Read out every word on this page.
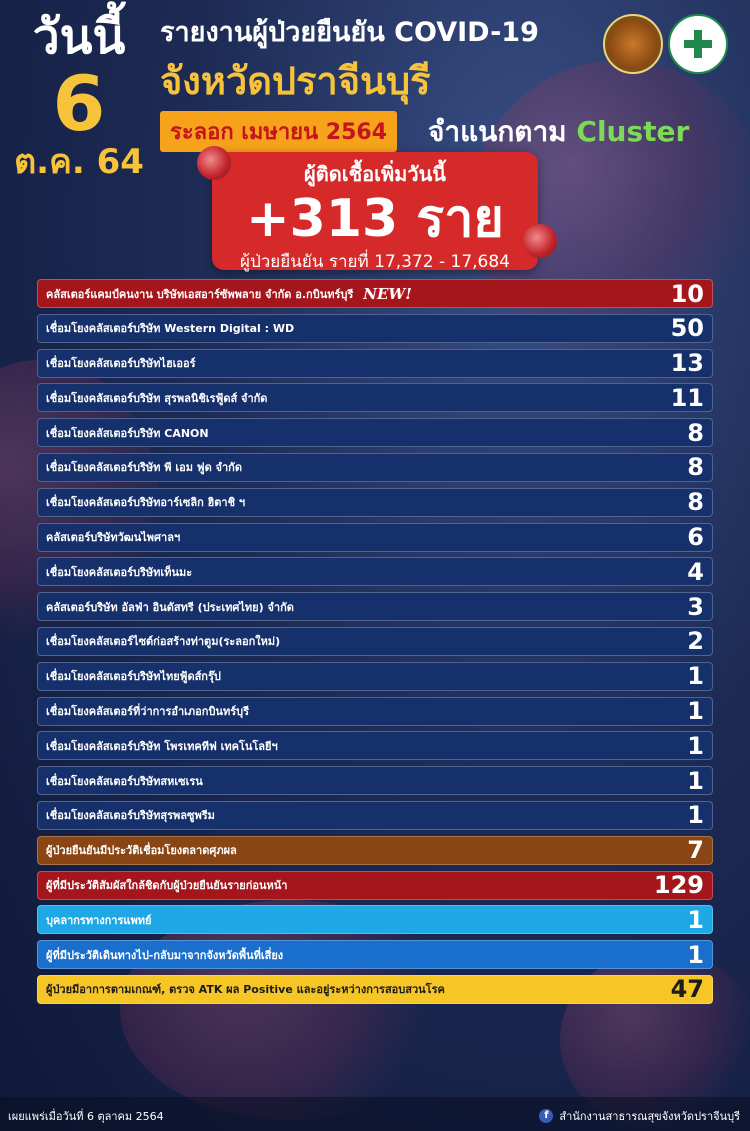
วันนี้
6
ต.ค. 64
รายงานผู้ป่วยยืนยัน COVID-19
จังหวัดปราจีนบุรี
ระลอก เมษายน 2564	จำแนกตาม Cluster
ผู้ติดเชื้อเพิ่มวันนี้
+313 ราย
ผู้ป่วยยืนยัน รายที่ 17,372 - 17,684
คลัสเตอร์แคมป์คนงาน บริษัทเอสอาร์ซัพพลาย จำกัด อ.กบินทร์บุรี NEW!	10
เชื่อมโยงคลัสเตอร์บริษัท Western Digital : WD	50
เชื่อมโยงคลัสเตอร์บริษัทไฮเออร์	13
เชื่อมโยงคลัสเตอร์บริษัท สุรพลนิชิเรฟู้ดส์ จำกัด	11
เชื่อมโยงคลัสเตอร์บริษัท CANON	8
เชื่อมโยงคลัสเตอร์บริษัท พี เอม ฟูด จำกัด	8
เชื่อมโยงคลัสเตอร์บริษัทอาร์เซลิก ฮิตาชิ ฯ	8
คลัสเตอร์บริษัทวัฒนไพศาลฯ	6
เชื่อมโยงคลัสเตอร์บริษัทเท็นมะ	4
คลัสเตอร์บริษัท อัลฟ่า อินดัสทรี (ประเทศไทย) จำกัด	3
เชื่อมโยงคลัสเตอร์ไซต์ก่อสร้างท่าตูม(ระลอกใหม่)	2
เชื่อมโยงคลัสเตอร์บริษัทไทยฟู้ดส์กรุ๊ป	1
เชื่อมโยงคลัสเตอร์ที่ว่าการอำเภอกบินทร์บุรี	1
เชื่อมโยงคลัสเตอร์บริษัท โพรเทคทีฟ เทคโนโลยีฯ	1
เชื่อมโยงคลัสเตอร์บริษัทสหเซเรน	1
เชื่อมโยงคลัสเตอร์บริษัทสุรพลซูพรีม	1
ผู้ป่วยยืนยันมีประวัติเชื่อมโยงตลาดศุภผล	7
ผู้ที่มีประวัติสัมผัสใกล้ชิดกับผู้ป่วยยืนยันรายก่อนหน้า	129
บุคลากรทางการแพทย์	1
ผู้ที่มีประวัติเดินทางไป-กลับมาจากจังหวัดพื้นที่เสี่ยง	1
ผู้ป่วยมีอาการตามเกณฑ์, ตรวจ ATK ผล Positive และอยู่ระหว่างการสอบสวนโรค	47
เผยแพร่เมื่อวันที่ 6 ตุลาคม 2564	f สำนักงานสาธารณสุขจังหวัดปราจีนบุรี
